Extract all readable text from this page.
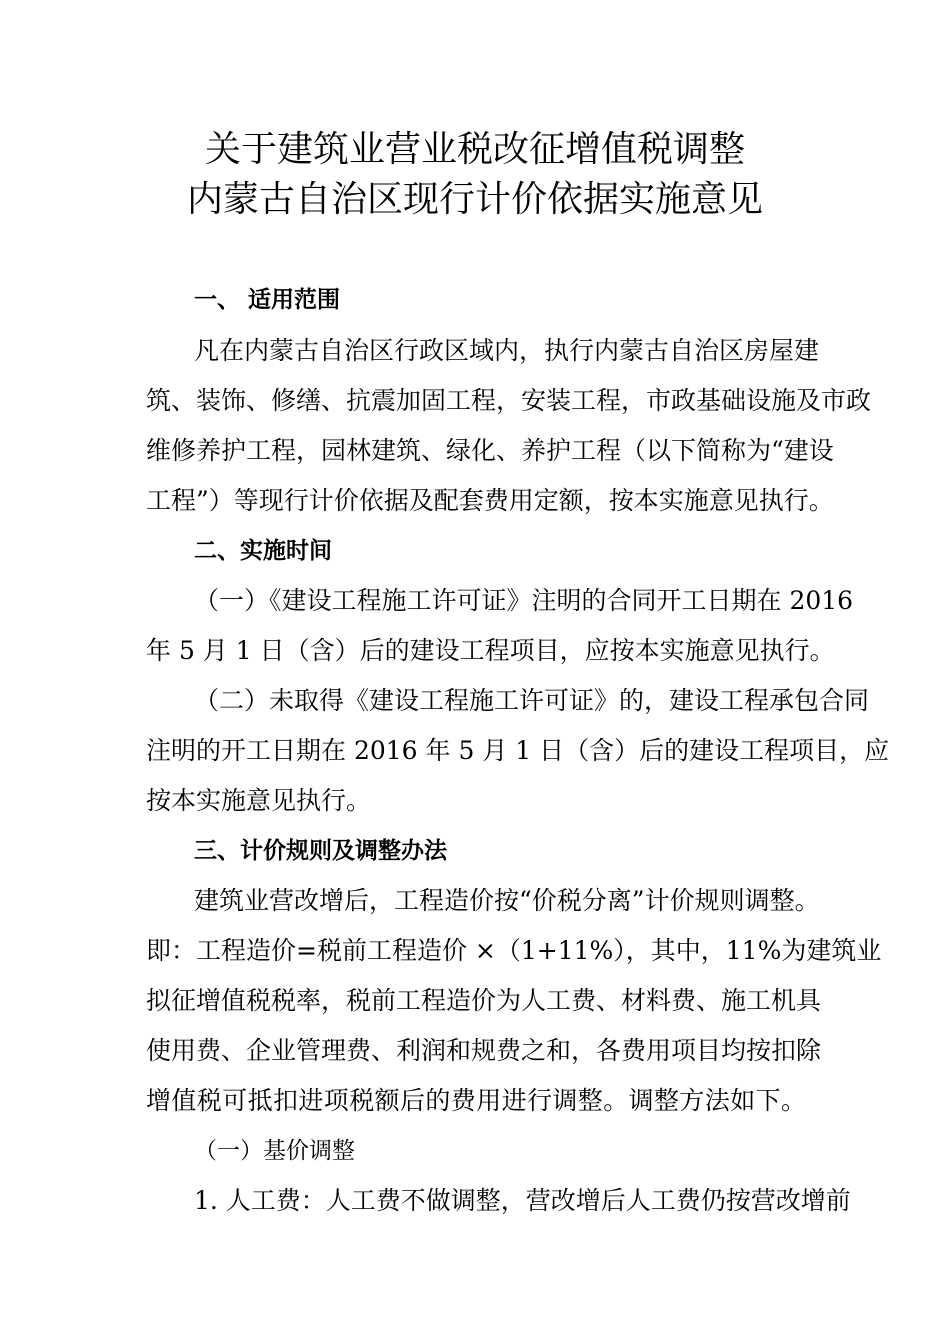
关于建筑业营业税改征增值税调整
内蒙古自治区现行计价依据实施意见
一、 适用范围
凡在内蒙古自治区行政区域内，执行内蒙古自治区房屋建
筑、装饰、修缮、抗震加固工程，安装工程，市政基础设施及市政
维修养护工程，园林建筑、绿化、养护工程（以下简称为“建设
工程”）等现行计价依据及配套费用定额，按本实施意见执行。
二、实施时间
（一）《建设工程施工许可证》注明的合同开工日期在 2016
年 5 月 1 日（含）后的建设工程项目，应按本实施意见执行。
（二）未取得《建设工程施工许可证》的，建设工程承包合同
注明的开工日期在 2016 年 5 月 1 日（含）后的建设工程项目，应
按本实施意见执行。
三、计价规则及调整办法
建筑业营改增后，工程造价按“价税分离”计价规则调整。
即：工程造价=税前工程造价 ×（1+11%），其中，11%为建筑业
拟征增值税税率，税前工程造价为人工费、材料费、施工机具
使用费、企业管理费、利润和规费之和，各费用项目均按扣除
增值税可抵扣进项税额后的费用进行调整。调整方法如下。
（一）基价调整
1. 人工费：人工费不做调整，营改增后人工费仍按营改增前
